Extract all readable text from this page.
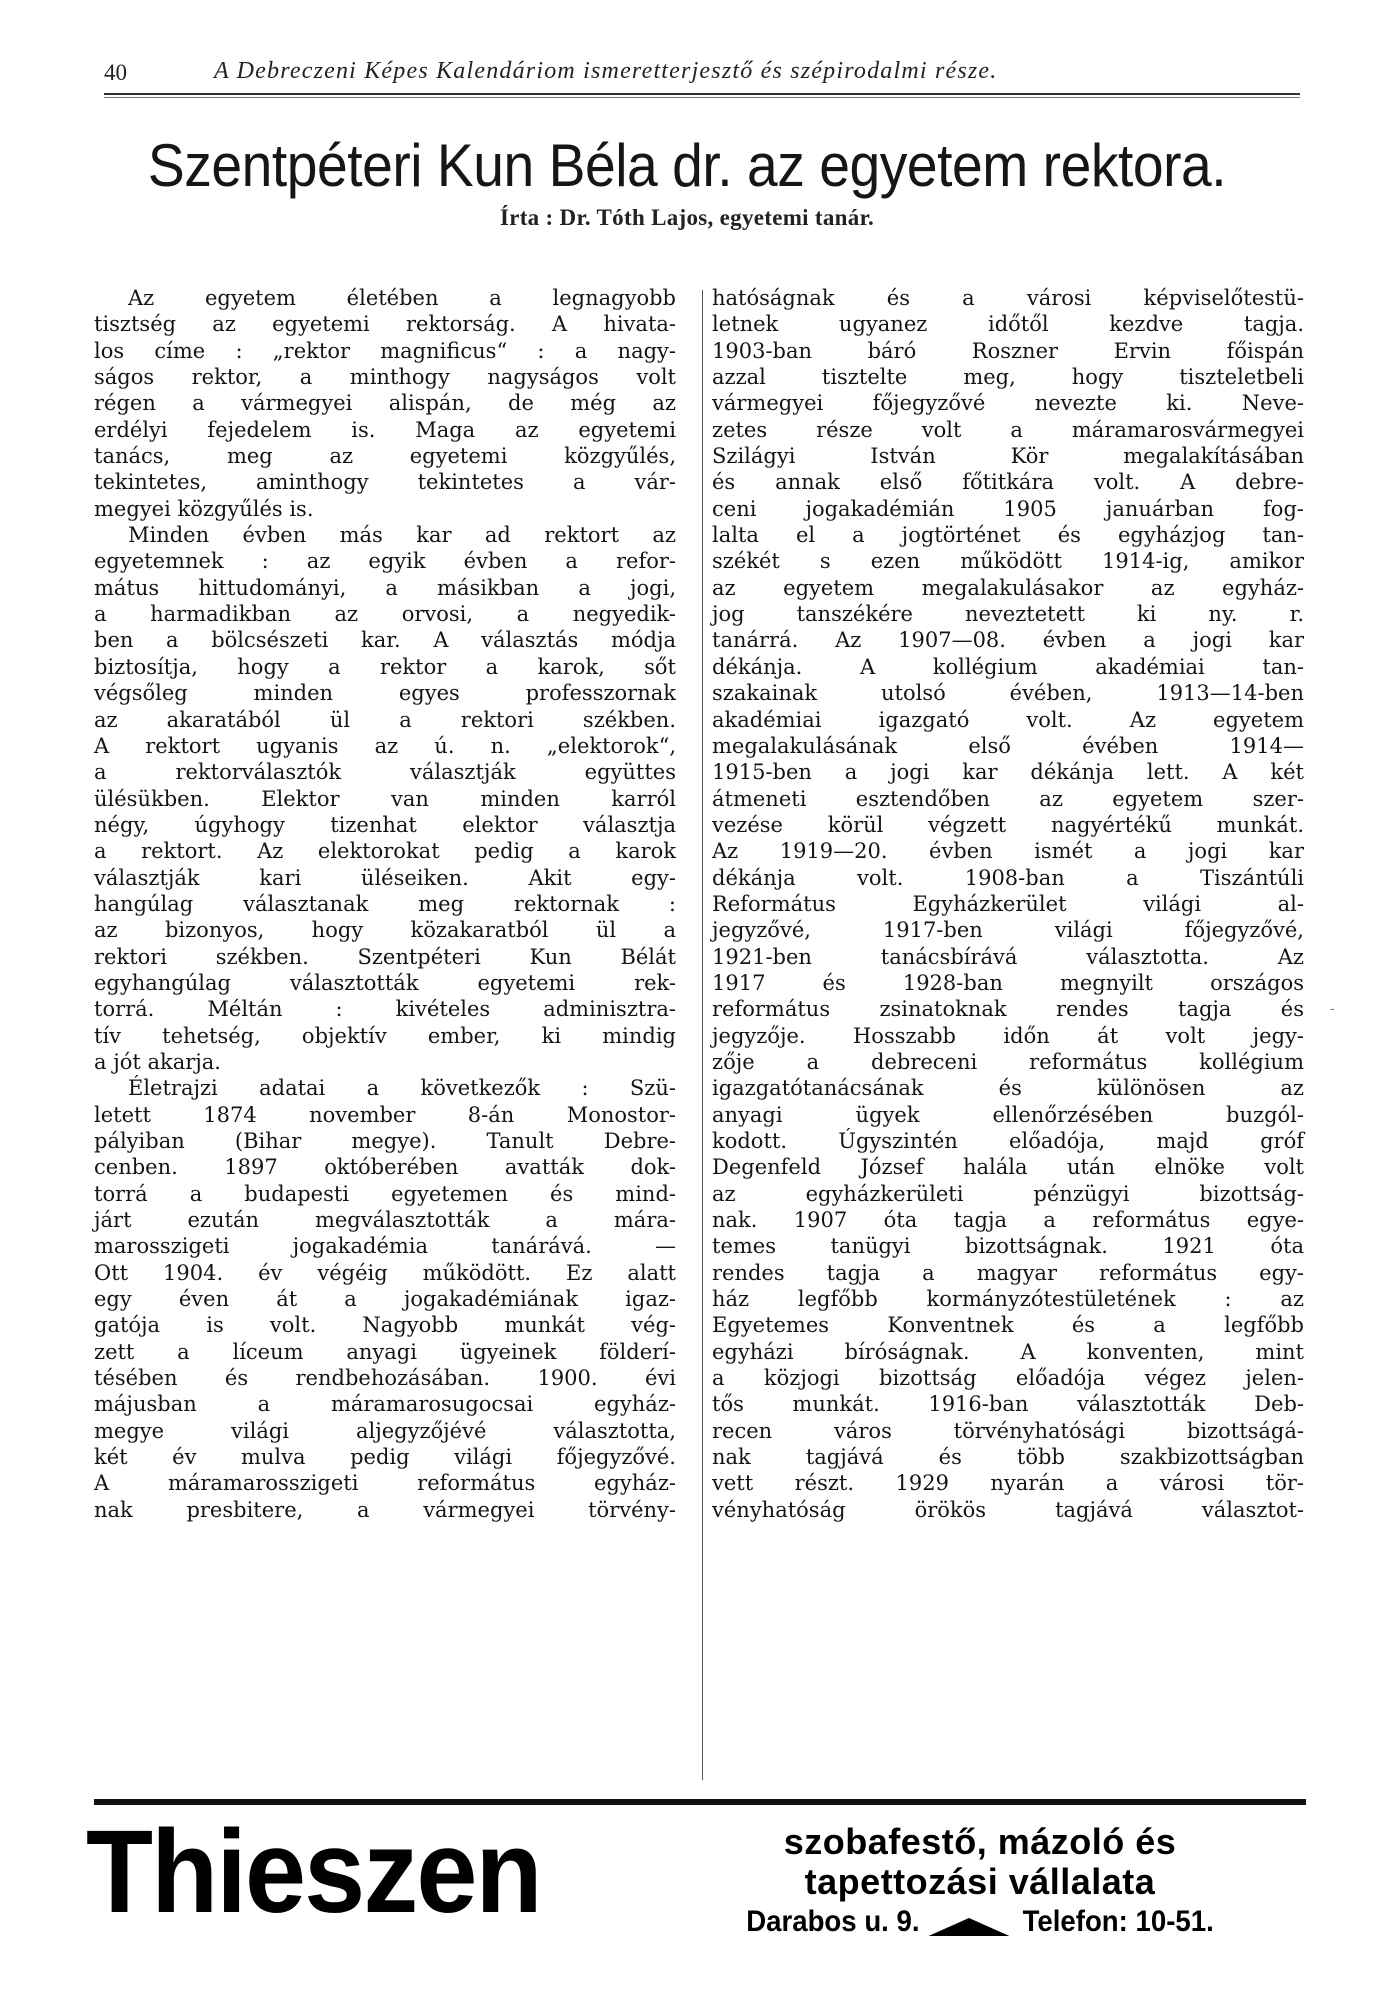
40	A Debreczeni Képes Kalendáriom ismeretterjesztő és szépirodalmi része.
Szentpéteri Kun Béla dr. az egyetem rektora.
Írta : Dr. Tóth Lajos, egyetemi tanár.
Az egyetem életében a legnagyobb
tisztség az egyetemi rektorság. A hivata-
los címe : „rektor magnificus“ : a nagy-
ságos rektor, a minthogy nagyságos volt
régen a vármegyei alispán, de még az
erdélyi fejedelem is. Maga az egyetemi
tanács, meg az egyetemi közgyűlés,
tekintetes, aminthogy tekintetes a vár-
megyei közgyűlés is.
Minden évben más kar ad rektort az
egyetemnek : az egyik évben a refor-
mátus hittudományi, a másikban a jogi,
a harmadikban az orvosi, a negyedik-
ben a bölcsészeti kar. A választás módja
biztosítja, hogy a rektor a karok, sőt
végsőleg minden egyes professzornak
az akaratából ül a rektori székben.
A rektort ugyanis az ú. n. „elektorok“,
a rektorválasztók választják együttes
ülésükben. Elektor van minden karról
négy, úgyhogy tizenhat elektor választja
a rektort. Az elektorokat pedig a karok
választják kari üléseiken. Akit egy-
hangúlag választanak meg rektornak :
az bizonyos, hogy közakaratból ül a
rektori székben. Szentpéteri Kun Bélát
egyhangúlag választották egyetemi rek-
torrá. Méltán : kivételes adminisztra-
tív tehetség, objektív ember, ki mindig
a jót akarja.
Életrajzi adatai a következők : Szü-
letett 1874 november 8-án Monostor-
pályiban (Bihar megye). Tanult Debre-
cenben. 1897 októberében avatták dok-
torrá a budapesti egyetemen és mind-
járt ezután megválasztották a mára-
marosszigeti jogakadémia tanárává. —
Ott 1904. év végéig működött. Ez alatt
egy éven át a jogakadémiának igaz-
gatója is volt. Nagyobb munkát vég-
zett a líceum anyagi ügyeinek földerí-
tésében és rendbehozásában. 1900. évi
májusban a máramarosugocsai egyház-
megye világi aljegyzőjévé választotta,
két év mulva pedig világi főjegyzővé.
A máramarosszigeti református egyház-
nak presbitere, a vármegyei törvény-
hatóságnak és a városi képviselőtestü-
letnek ugyanez időtől kezdve tagja.
1903-ban báró Roszner Ervin főispán
azzal tisztelte meg, hogy tiszteletbeli
vármegyei főjegyzővé nevezte ki. Neve-
zetes része volt a máramarosvármegyei
Szilágyi István Kör megalakításában
és annak első főtitkára volt. A debre-
ceni jogakadémián 1905 januárban fog-
lalta el a jogtörténet és egyházjog tan-
székét s ezen működött 1914-ig, amikor
az egyetem megalakulásakor az egyház-
jog tanszékére neveztetett ki ny. r.
tanárrá. Az 1907—08. évben a jogi kar
dékánja. A kollégium akadémiai tan-
szakainak utolsó évében, 1913—14-ben
akadémiai igazgató volt. Az egyetem
megalakulásának első évében 1914—
1915-ben a jogi kar dékánja lett. A két
átmeneti esztendőben az egyetem szer-
vezése körül végzett nagyértékű munkát.
Az 1919—20. évben ismét a jogi kar
dékánja volt. 1908-ban a Tiszántúli
Református Egyházkerület világi al-
jegyzővé, 1917-ben világi főjegyzővé,
1921-ben tanácsbírává választotta. Az
1917 és 1928-ban megnyilt országos
református zsinatoknak rendes tagja és
jegyzője. Hosszabb időn át volt jegy-
zője a debreceni református kollégium
igazgatótanácsának és különösen az
anyagi ügyek ellenőrzésében buzgól-
kodott. Úgyszintén előadója, majd gróf
Degenfeld József halála után elnöke volt
az egyházkerületi pénzügyi bizottság-
nak. 1907 óta tagja a református egye-
temes tanügyi bizottságnak. 1921 óta
rendes tagja a magyar református egy-
ház legfőbb kormányzótestületének : az
Egyetemes Konventnek és a legfőbb
egyházi bíróságnak. A konventen, mint
a közjogi bizottság előadója végez jelen-
tős munkát. 1916-ban választották Deb-
recen város törvényhatósági bizottságá-
nak tagjává és több szakbizottságban
vett részt. 1929 nyarán a városi tör-
vényhatóság örökös tagjává választot-
-
Thieszen	szobafestő, mázoló és
tapettozási vállalata
Darabos u. 9.	Telefon: 10-51.
